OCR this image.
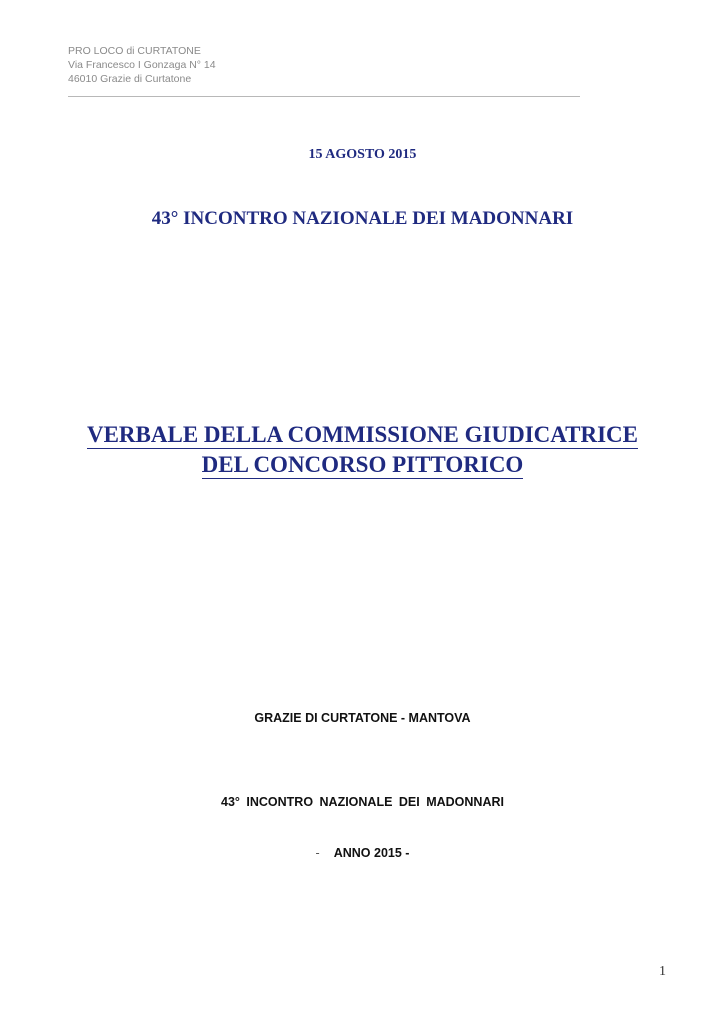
PRO LOCO di CURTATONE
Via Francesco I Gonzaga N° 14
46010 Grazie di Curtatone
15 AGOSTO 2015
43° INCONTRO NAZIONALE DEI MADONNARI
VERBALE DELLA COMMISSIONE GIUDICATRICE
DEL CONCORSO PITTORICO
GRAZIE DI CURTATONE - MANTOVA
43° INCONTRO NAZIONALE DEI MADONNARI
- ANNO 2015 -
1
